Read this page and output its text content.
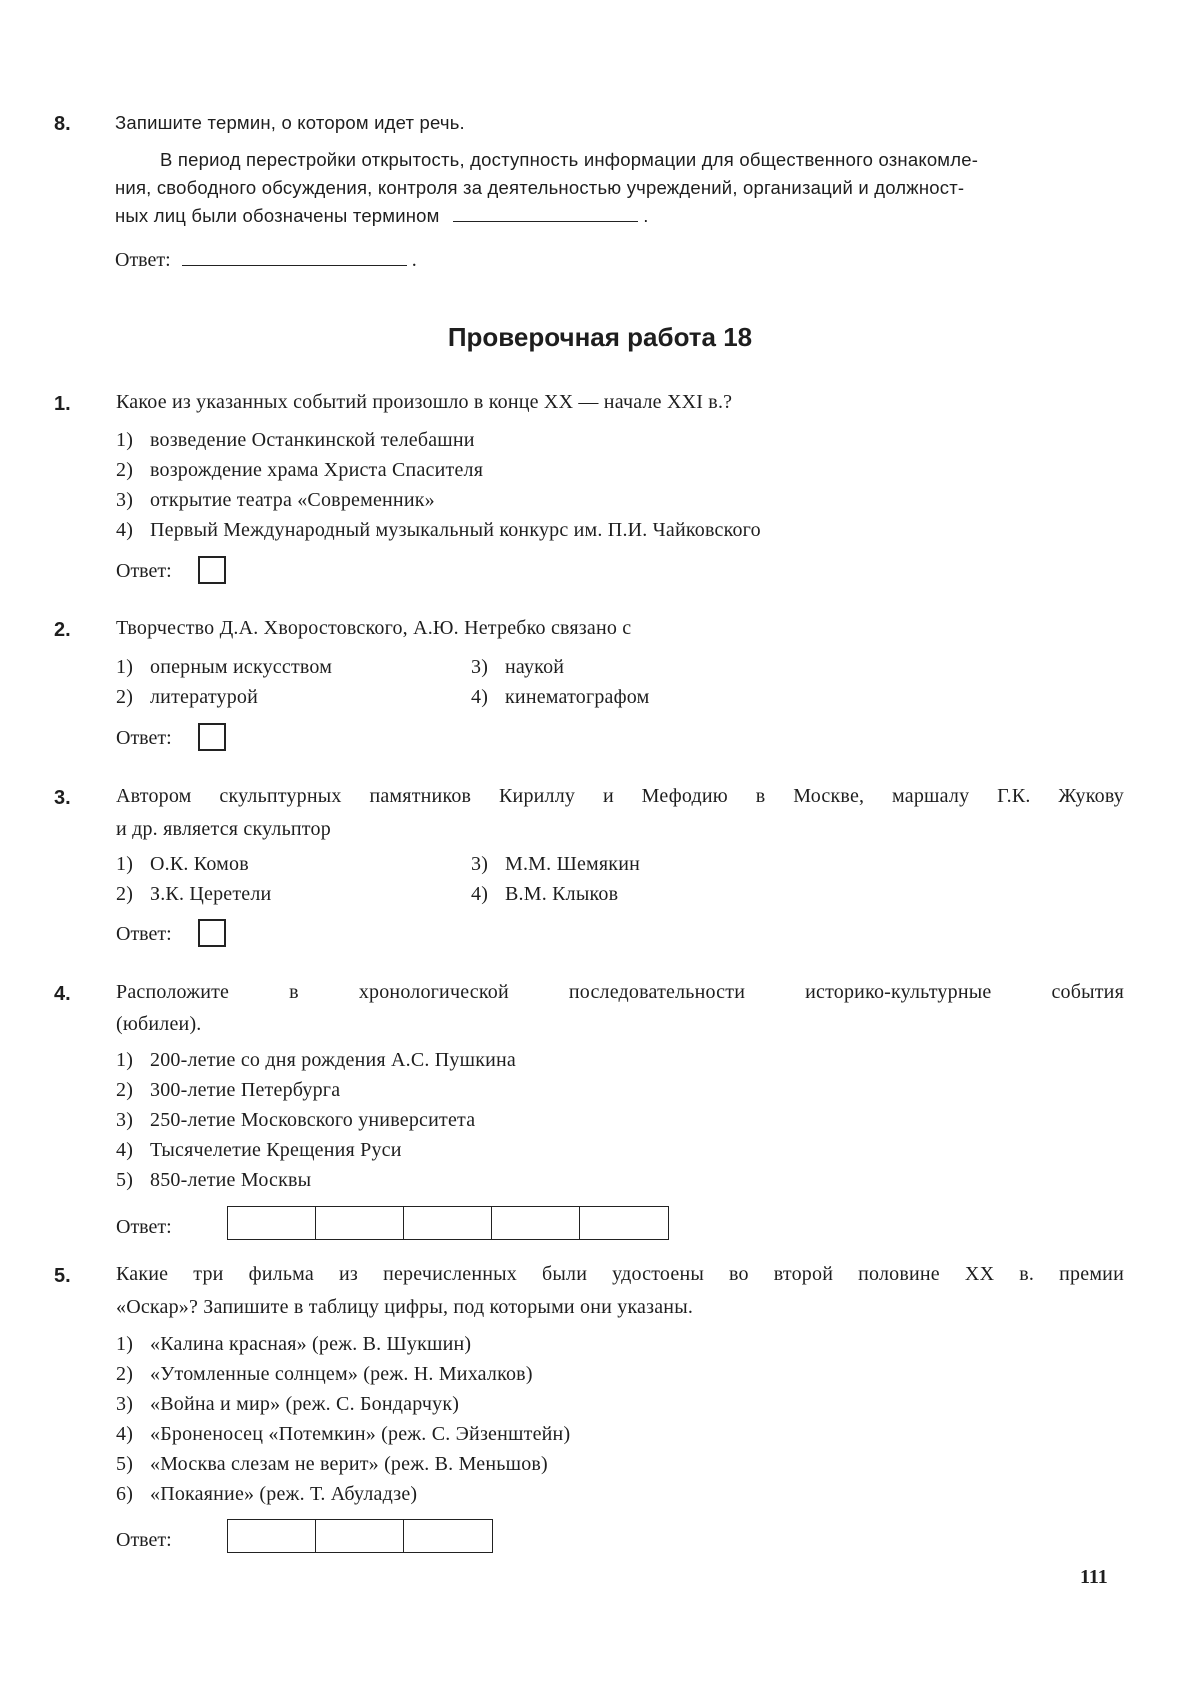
8. Запишите термин, о котором идет речь.
В период перестройки открытость, доступность информации для общественного ознакомле-
ния, свободного обсуждения, контроля за деятельностью учреждений, организаций и должност-
ных лиц были обозначены термином	.
Ответ:	.
Проверочная работа 18
1. Какое из указанных событий произошло в конце XX — начале XXI в.?
1) возведение Останкинской телебашни
2) возрождение храма Христа Спасителя
3) открытие театра «Современник»
4) Первый Международный музыкальный конкурс им. П.И. Чайковского
Ответ:
2. Творчество Д.А. Хворостовского, А.Ю. Нетребко связано с
1) оперным искусством
2) литературой
3) наукой
4) кинематографом
Ответ:
3. Автором скульптурных памятников Кириллу и Мефодию в Москве, маршалу Г.К. Жукову
и др. является скульптор
1) О.К. Комов
2) З.К. Церетели
3) М.М. Шемякин
4) В.М. Клыков
Ответ:
4. Расположите в хронологической последовательности историко-культурные события
(юбилеи).
1) 200-летие со дня рождения А.С. Пушкина
2) 300-летие Петербурга
3) 250-летие Московского университета
4) Тысячелетие Крещения Руси
5) 850-летие Москвы
Ответ:
5. Какие три фильма из перечисленных были удостоены во второй половине XX в. премии
«Оскар»? Запишите в таблицу цифры, под которыми они указаны.
1) «Калина красная» (реж. В. Шукшин)
2) «Утомленные солнцем» (реж. Н. Михалков)
3) «Война и мир» (реж. С. Бондарчук)
4) «Броненосец «Потемкин» (реж. С. Эйзенштейн)
5) «Москва слезам не верит» (реж. В. Меньшов)
6) «Покаяние» (реж. Т. Абуладзе)
Ответ:
111
